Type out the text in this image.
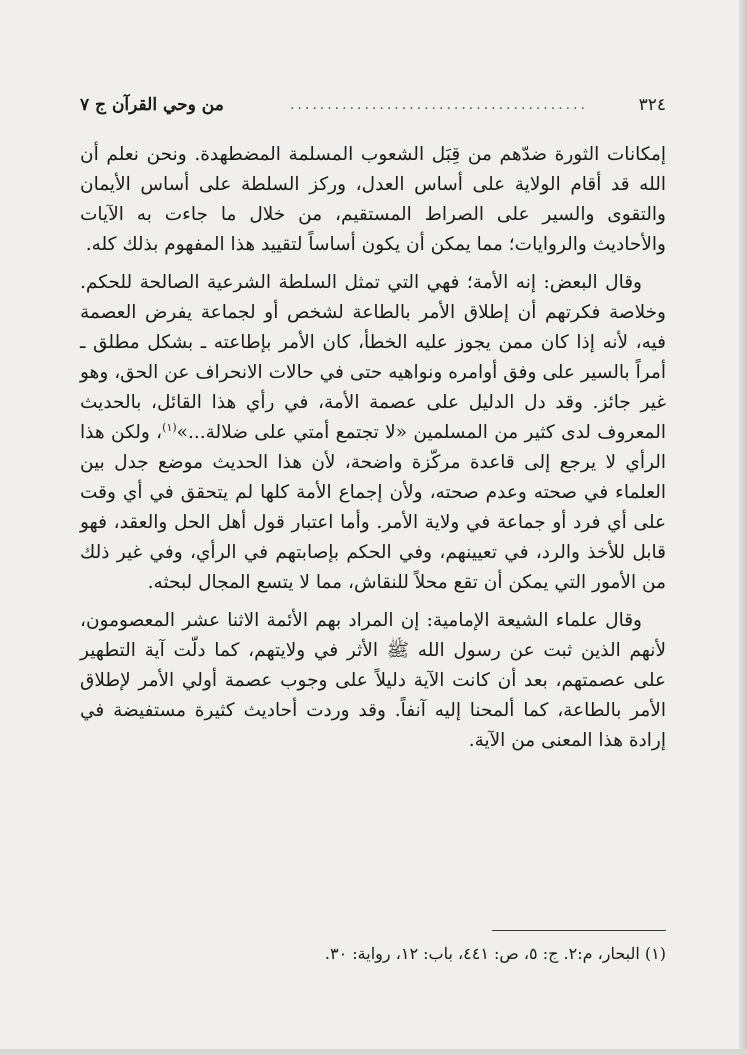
٣٢٤
........................................
من وحي القرآن ج ٧

إمكانات الثورة ضدّهم من قِبَل الشعوب المسلمة المضطهدة. ونحن نعلم أن الله قد أقام الولاية على أساس العدل، وركز السلطة على أساس الأيمان والتقوى والسير على الصراط المستقيم، من خلال ما جاءت به الآيات والأحاديث والروايات؛ مما يمكن أن يكون أساساً لتقييد هذا المفهوم بذلك كله.

وقال البعض: إنه الأمة؛ فهي التي تمثل السلطة الشرعية الصالحة للحكم. وخلاصة فكرتهم أن إطلاق الأمر بالطاعة لشخص أو لجماعة يفرض العصمة فيه، لأنه إذا كان ممن يجوز عليه الخطأ، كان الأمر بإطاعته ـ بشكل مطلق ـ أمراً بالسير على وفق أوامره ونواهيه حتى في حالات الانحراف عن الحق، وهو غير جائز. وقد دل الدليل على عصمة الأمة، في رأي هذا القائل، بالحديث المعروف لدى كثير من المسلمين «لا تجتمع أمتي على ضلالة...»$^{(١)}$، ولكن هذا الرأي لا يرجع إلى قاعدة مركّزة واضحة، لأن هذا الحديث موضع جدل بين العلماء في صحته وعدم صحته، ولأن إجماع الأمة كلها لم يتحقق في أي وقت على أي فرد أو جماعة في ولاية الأمر. وأما اعتبار قول أهل الحل والعقد، فهو قابل للأخذ والرد، في تعيينهم، وفي الحكم بإصابتهم في الرأي، وفي غير ذلك من الأمور التي يمكن أن تقع محلاً للنقاش، مما لا يتسع المجال لبحثه.

وقال علماء الشيعة الإمامية: إن المراد بهم الأئمة الاثنا عشر المعصومون، لأنهم الذين ثبت عن رسول الله ﷺ الأثر في ولايتهم، كما دلّت آية التطهير على عصمتهم، بعد أن كانت الآية دليلاً على وجوب عصمة أولي الأمر لإطلاق الأمر بالطاعة، كما ألمحنا إليه آنفاً. وقد وردت أحاديث كثيرة مستفيضة في إرادة هذا المعنى من الآية.

(١) البحار، م:٢. ج: ٥، ص: ٤٤١، باب: ١٢، رواية: ٣٠.
